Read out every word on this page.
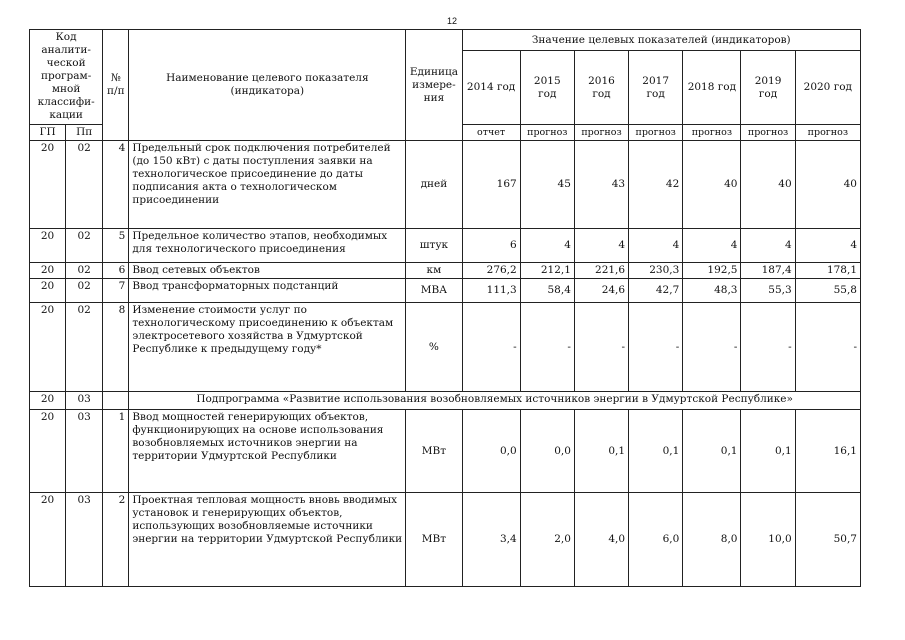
12
Код аналити-ческой програм-мной классифи-кации		№ п/п	Наименование целевого показателя (индикатора)	Единица измере-ния	Значение целевых показателей (индикаторов)						
					2014 год	2015 год	2016 год	2017 год	2018 год	2019 год	2020 год
ГП	Пп				отчет	прогноз	прогноз	прогноз	прогноз	прогноз	прогноз
20	02	4	Предельный срок подключения потребителей (до 150 кВт) с даты поступления заявки на технологическое присоединение до даты подписания акта о технологическом присоединении	дней	167	45	43	42	40	40	40
20	02	5	Предельное количество этапов, необходимых для технологического присоединения	штук	6	4	4	4	4	4	4
20	02	6	Ввод сетевых объектов	км	276,2	212,1	221,6	230,3	192,5	187,4	178,1
20	02	7	Ввод трансформаторных подстанций	МВА	111,3	58,4	24,6	42,7	48,3	55,3	55,8
20	02	8	Изменение стоимости услуг по технологическому присоединению к объектам электросетевого хозяйства в Удмуртской Республике к предыдущему году*	%	-	-	-	-	-	-	-
20	03		Подпрограмма «Развитие использования возобновляемых источников энергии в Удмуртской Республике»								
20	03	1	Ввод мощностей генерирующих объектов, функционирующих на основе использования возобновляемых источников энергии на территории Удмуртской Республики	МВт	0,0	0,0	0,1	0,1	0,1	0,1	16,1
20	03	2	Проектная тепловая мощность вновь вводимых установок и генерирующих объектов, использующих возобновляемые источники энергии на территории Удмуртской Республики	МВт	3,4	2,0	4,0	6,0	8,0	10,0	50,7
